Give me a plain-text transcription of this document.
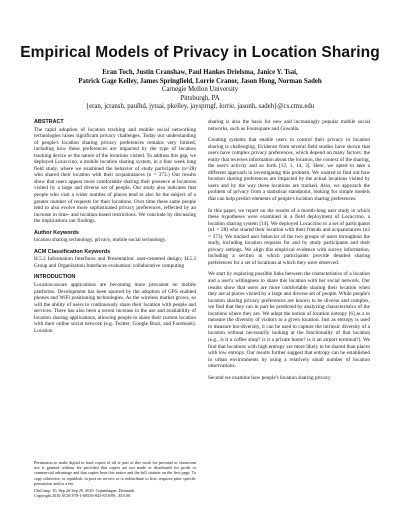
Empirical Models of Privacy in Location Sharing
Eran Toch, Justin Cranshaw, Paul Hankes Drielsma, Janice Y. Tsai,
Patrick Gage Kelley, James Springfield, Lorrie Cranor, Jason Hong, Norman Sadeh
Carnegie Mellon University
Pittsburgh, PA
{eran, jcransh, paulhd, jytsai, pkelley, jaysprngf, lorrie, jasonh, sadeh}@cs.cmu.edu
ABSTRACT

The rapid adoption of location tracking and mobile social networking technologies raises significant privacy challenges. Today our understanding of people's location sharing privacy preferences remains very limited, including how these preferences are impacted by the type of location tracking device or the nature of the locations visited. To address this gap, we deployed Locaccino, a mobile location sharing system, in a four week long field study, where we examined the behavior of study participants (n=28) who shared their location with their acquaintances (n = 373.) Our results show that users appear more comfortable sharing their presence at locations visited by a large and diverse set of people. Our study also indicates that people who visit a wider number of places tend to also be the subject of a greater number of requests for their locations. Over time these same people tend to also evolve more sophisticated privacy preferences, reflected by an increase in time- and location-based restrictions. We conclude by discussing the implications our findings.

Author Keywords

location sharing technology, privacy, mobile social technology.

ACM Classification Keywords

H.5.2 Information Interfaces and Presentation: user-centered design; H.5.3 Group and Organization Interfaces evaluation: collaborative computing

INTRODUCTION

Location-aware applications are becoming more prevalent on mobile platforms. Development has been spurred by the adoption of GPS enabled phones and WiFi positioning technologies. As the wireless market grows, so will the ability of users to continuously share their location with people and services. There has also been a recent increase in the use and availability of location sharing applications, allowing people to share their current location with their online social network (e.g. Twitter, Google Buzz, and Facebook). Location

Permission to make digital or hard copies of all or part of this work for personal or classroom use is granted without fee provided that copies are not made or distributed for profit or commercial advantage and that copies bear this notice and the full citation on the first page. To copy otherwise, or republish, to post on servers or to redistribute to lists, requires prior specific permission and/or a fee.

UbiComp '10, Sep 26-Sep 29, 2010, Copenhagen, Denmark.
Copyright 2010 ACM 978-1-60558-843-8/10/09...$10.00.

sharing is also the basis for new and increasingly popular mobile social networks, such as Foursquare and Gowalla.

Creating systems that enable users to control their privacy in location sharing is challenging. Evidence from several field studies have shown that users have complex privacy preferences, which depend on many factors: the entity that receives information about the location, the context of the sharing, the user's activity and so forth [12, 1, 14, 3]. Here, we opted to take a different approach in investigating this problem. We wanted to find out how location sharing preferences are impacted by the actual locations visited by users and by the way these locations are tracked. Also, we approach the problem of privacy from a statistical standpoint, looking for simple models that can help predict elements of people's location sharing preferences.

In this paper, we report on the results of a month-long user study in which these hypotheses were examined in a field deployment of Locaccino, a location sharing system [14]. We deployed Locaccino to a set of participants (n1 = 28) who shared their location with their friends and acquaintances (n2 = 373). We tracked user behavior of the two groups of users throughout the study, including location requests for and by study participants and their privacy settings. We align this empirical evidence with survey information, including a section in which participants provide detailed sharing preferences for a set of locations at which they were observed.

We start by exploring possible links between the characteristics of a location and a user's willingness to share this location with her social network. Our results show that users are more comfortable sharing their location when they are at places visited by a large and diverse set of people. While people's location sharing privacy preferences are known to be diverse and complex, we find that they can in part be predicted by analyzing characteristics of the locations where they are. We adopt the notion of location entropy [6] as a to measure the diversity of visitors to a given location. Just as entropy is used to measure bio-diversity, it can be used to capture the intrinsic diversity of a location without necessarily looking at the functionality of that location (e.g., is it a coffee shop? is it a private home? is it an airport terminal?). We find that locations with high entropy are more likely to be shared than places with low entropy. Our results further suggest that entropy can be established in urban environments by using a relatively small number of location observations.

Second we examine how people's location sharing privacy
